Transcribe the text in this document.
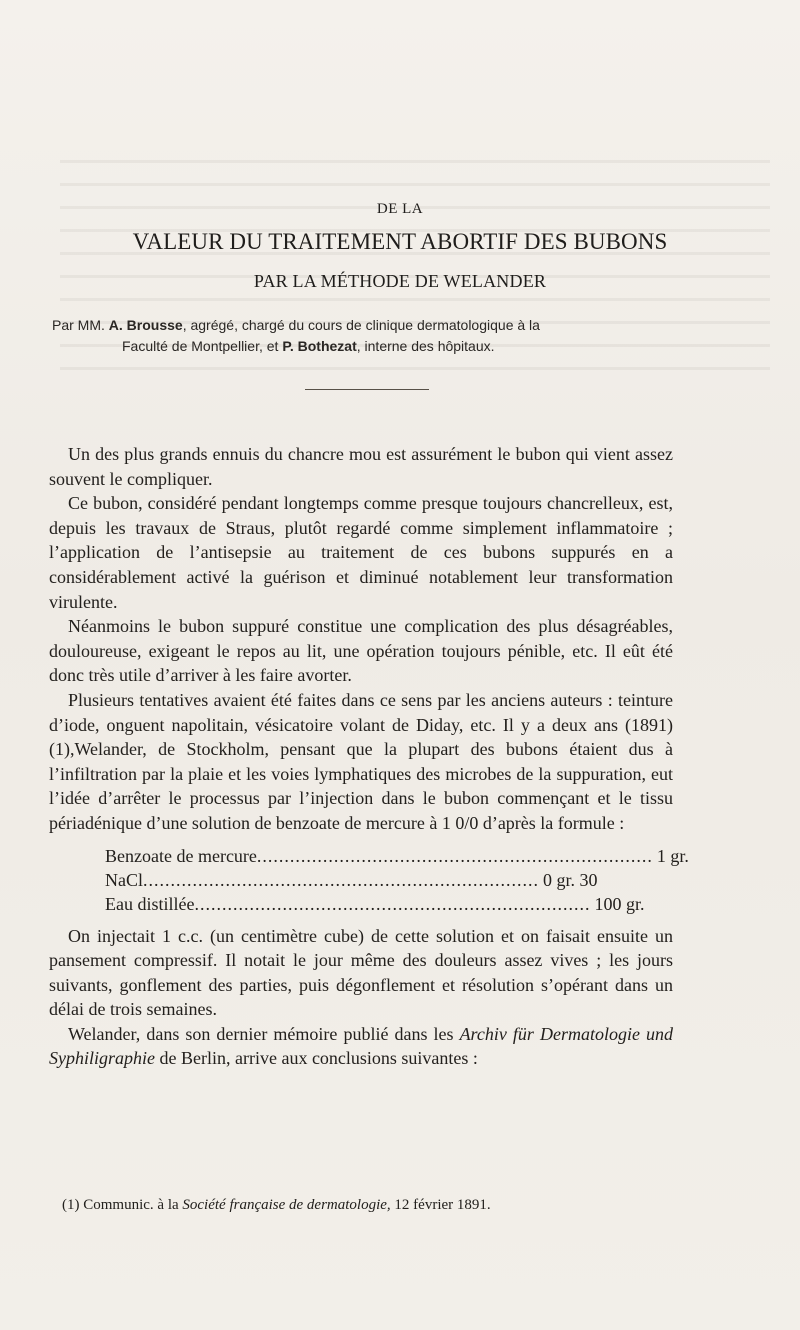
DE LA
VALEUR DU TRAITEMENT ABORTIF DES BUBONS
PAR LA MÉTHODE DE WELANDER
Par MM. A. Brousse, agrégé, chargé du cours de clinique dermatologique à la
Faculté de Montpellier, et P. Bothezat, interne des hôpitaux.

Un des plus grands ennuis du chancre mou est assurément le bubon qui vient assez souvent le compliquer.

Ce bubon, considéré pendant longtemps comme presque toujours chancrelleux, est, depuis les travaux de Straus, plutôt regardé comme simplement inflammatoire ; l’application de l’antisepsie au traitement de ces bubons suppurés en a considérablement activé la guérison et diminué notablement leur transformation virulente.

Néanmoins le bubon suppuré constitue une complication des plus désagréables, douloureuse, exigeant le repos au lit, une opération toujours pénible, etc. Il eût été donc très utile d’arriver à les faire avorter.

Plusieurs tentatives avaient été faites dans ce sens par les anciens auteurs : teinture d’iode, onguent napolitain, vésicatoire volant de Diday, etc. Il y a deux ans (1891) (1),Welander, de Stockholm, pensant que la plupart des bubons étaient dus à l’infiltration par la plaie et les voies lymphatiques des microbes de la suppuration, eut l’idée d’arrêter le processus par l’injection dans le bubon commençant et le tissu périadénique d’une solution de benzoate de mercure à 1 0/0 d’après la formule :

Benzoate de mercure ........................................................................ 1 gr.
NaCl ........................................................................ 0 gr. 30
Eau distillée ........................................................................ 100 gr.

On injectait 1 c.c. (un centimètre cube) de cette solution et on faisait ensuite un pansement compressif. Il notait le jour même des douleurs assez vives ; les jours suivants, gonflement des parties, puis dégonflement et résolution s’opérant dans un délai de trois semaines.

Welander, dans son dernier mémoire publié dans les Archiv für Dermatologie und Syphiligraphie de Berlin, arrive aux conclusions suivantes :

(1) Communic. à la Société française de dermatologie, 12 février 1891.
